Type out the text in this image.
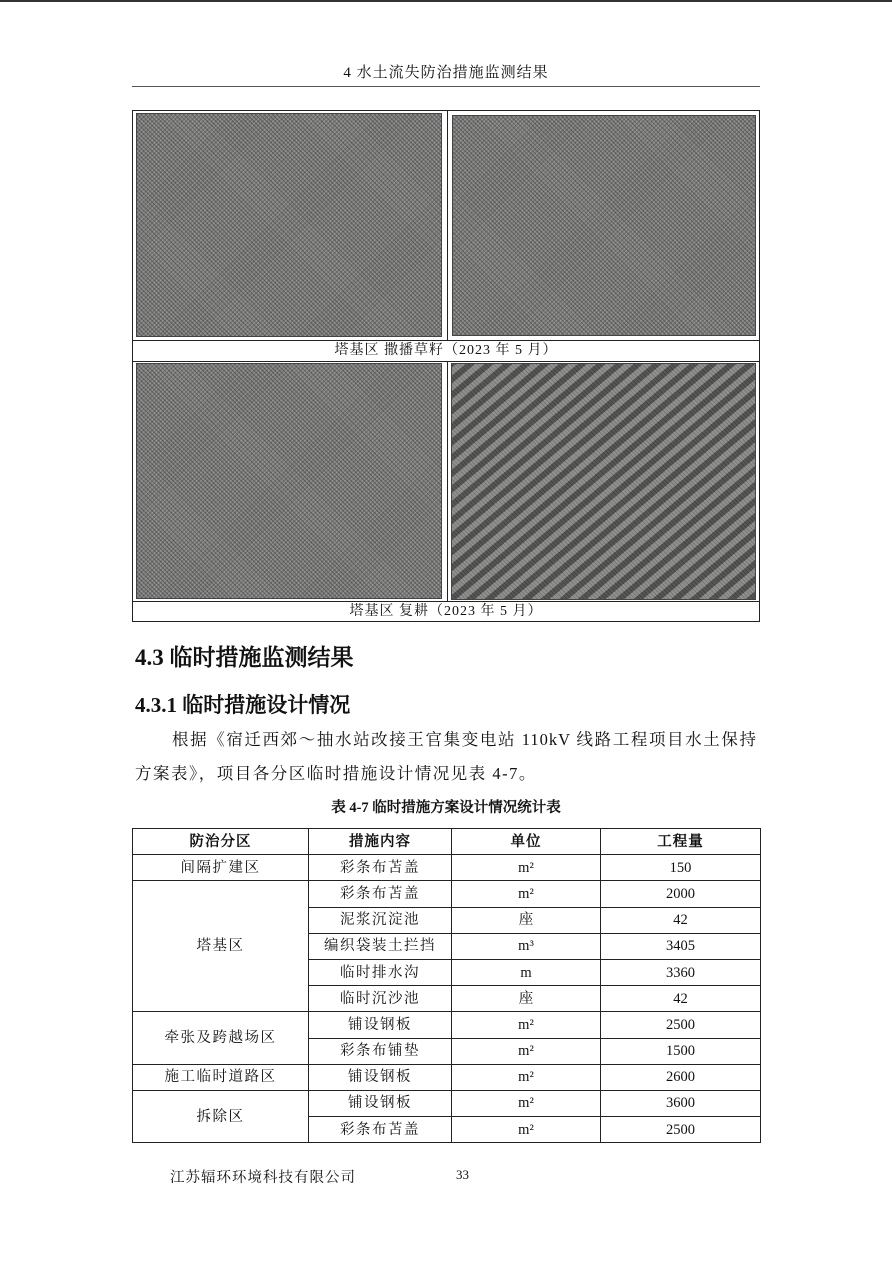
4 水土流失防治措施监测结果
塔基区 撒播草籽（2023 年 5 月）
塔基区 复耕（2023 年 5 月）
4.3 临时措施监测结果
4.3.1 临时措施设计情况
根据《宿迁西郊～抽水站改接王官集变电站 110kV 线路工程项目水土保持
方案表》，项目各分区临时措施设计情况见表 4-7。
表 4-7 临时措施方案设计情况统计表
防治分区	措施内容	单位	工程量
间隔扩建区	彩条布苫盖	m²	150
塔基区	彩条布苫盖	m²	2000
	泥浆沉淀池	座	42
	编织袋装土拦挡	m³	3405
	临时排水沟	m	3360
	临时沉沙池	座	42
牵张及跨越场区	铺设钢板	m²	2500
	彩条布铺垫	m²	1500
施工临时道路区	铺设钢板	m²	2600
拆除区	铺设钢板	m²	3600
	彩条布苫盖	m²	2500
江苏辐环环境科技有限公司	33
